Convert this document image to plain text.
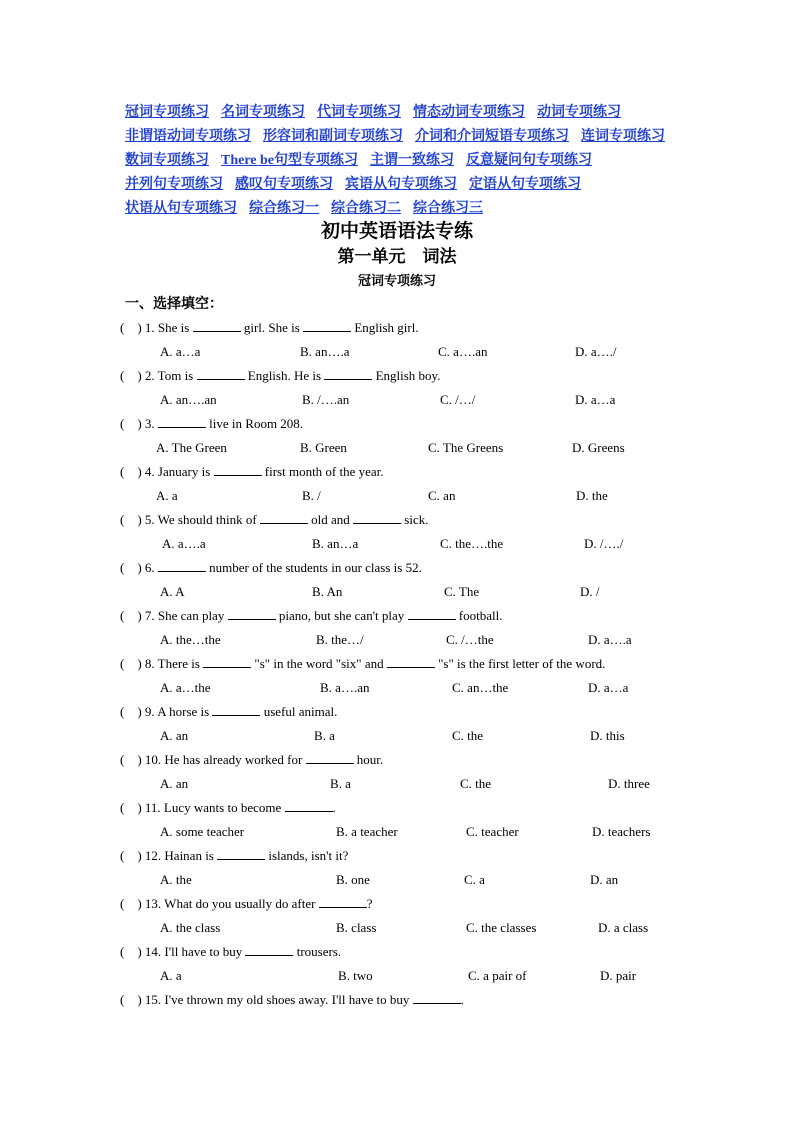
冠词专项练习 名词专项练习 代词专项练习 情态动词专项练习 动词专项练习
非谓语动词专项练习 形容词和副词专项练习 介词和介词短语专项练习 连词专项练习
数词专项练习 There be句型专项练习 主谓一致练习 反意疑问句专项练习
并列句专项练习 感叹句专项练习 宾语从句专项练习 定语从句专项练习
状语从句专项练习 综合练习一 综合练习二 综合练习三
初中英语语法专练
第一单元　词法
冠词专项练习
一、选择填空：
(　) 1. She is	girl. She is	English girl.
A. a…a	B. an….a	C. a….an	D. a…./
(　) 2. Tom is	English. He is	English boy.
A. an….an	B. /….an	C. /…/	D. a…a
(　) 3.	live in Room 208.
A. The Green	B. Green	C. The Greens	D. Greens
(　) 4. January is	first month of the year.
A. a	B. /	C. an	D. the
(　) 5. We should think of	old and	sick.
A. a….a	B. an…a	C. the….the	D. /…./
(　) 6.	number of the students in our class is 52.
A. A	B. An	C. The	D. /
(　) 7. She can play	piano, but she can't play	football.
A. the…the	B. the…/	C. /…the	D. a….a
(　) 8. There is	"s" in the word "six" and	"s" is the first letter of the word.
A. a…the	B. a….an	C. an…the	D. a…a
(　) 9. A horse is	useful animal.
A. an	B. a	C. the	D. this
(　) 10. He has already worked for	hour.
A. an	B. a	C. the	D. three
(　) 11. Lucy wants to become	.
A. some teacher	B. a teacher	C. teacher	D. teachers
(　) 12. Hainan is	islands, isn't it?
A. the	B. one	C. a	D. an
(　) 13. What do you usually do after	?
A. the class	B. class	C. the classes	D. a class
(　) 14. I'll have to buy	trousers.
A. a	B. two	C. a pair of	D. pair
(　) 15. I've thrown my old shoes away. I'll have to buy	.
